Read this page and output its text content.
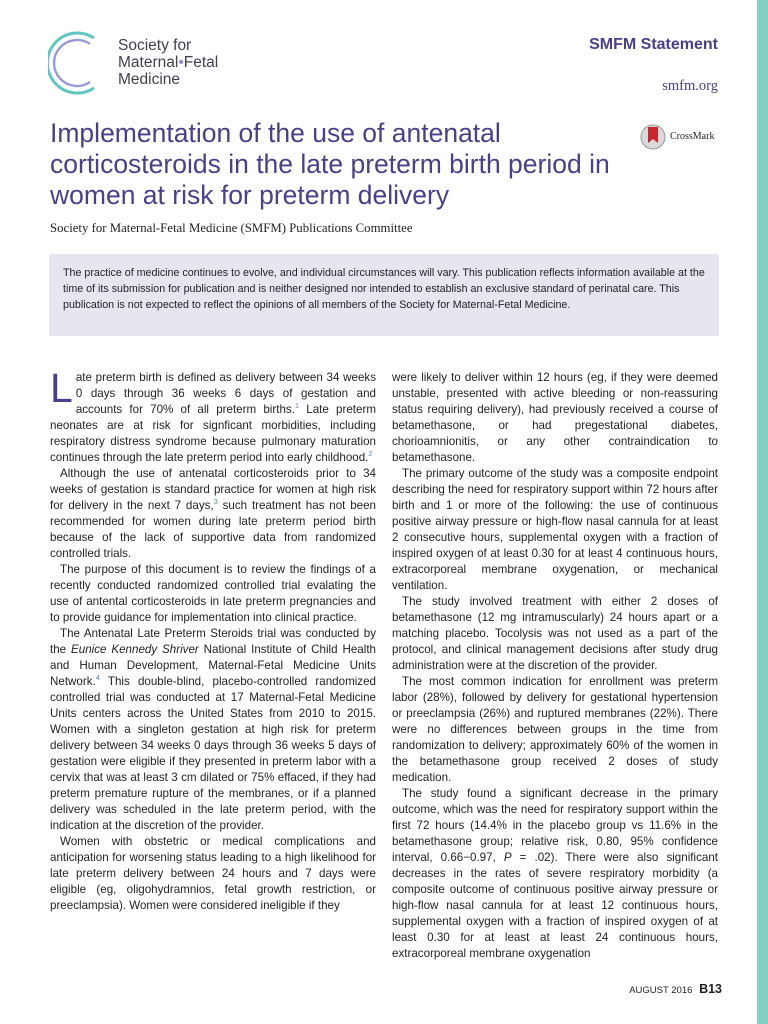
Society for
Maternal•Fetal
Medicine
SMFM Statement
smfm.org
Implementation of the use of antenatal corticosteroids in the late preterm birth period in women at risk for preterm delivery
CrossMark
Society for Maternal-Fetal Medicine (SMFM) Publications Committee

The practice of medicine continues to evolve, and individual circumstances will vary. This publication reflects information available at the time of its submission for publication and is neither designed nor intended to establish an exclusive standard of perinatal care. This publication is not expected to reflect the opinions of all members of the Society for Maternal-Fetal Medicine.

Late preterm birth is defined as delivery between 34 weeks 0 days through 36 weeks 6 days of gestation and accounts for 70% of all preterm births.$^1$ Late preterm neonates are at risk for signficant morbidities, including respiratory distress syndrome because pulmonary maturation continues through the late preterm period into early childhood.$^2$

Although the use of antenatal corticosteroids prior to 34 weeks of gestation is standard practice for women at high risk for delivery in the next 7 days,$^3$ such treatment has not been recommended for women during late preterm period birth because of the lack of supportive data from randomized controlled trials.

The purpose of this document is to review the findings of a recently conducted randomized controlled trial evalating the use of antental corticosteroids in late preterm pregnancies and to provide guidance for implementation into clinical practice.

The Antenatal Late Preterm Steroids trial was conducted by the Eunice Kennedy Shriver National Institute of Child Health and Human Development, Maternal-Fetal Medicine Units Network.$^4$ This double-blind, placebo-controlled randomized controlled trial was conducted at 17 Maternal-Fetal Medicine Units centers across the United States from 2010 to 2015. Women with a singleton gestation at high risk for preterm delivery between 34 weeks 0 days through 36 weeks 5 days of gestation were eligible if they presented in preterm labor with a cervix that was at least 3 cm dilated or 75% effaced, if they had preterm premature rupture of the membranes, or if a planned delivery was scheduled in the late preterm period, with the indication at the discretion of the provider.

Women with obstetric or medical complications and anticipation for worsening status leading to a high likelihood for late preterm delivery between 24 hours and 7 days were eligible (eg, oligohydramnios, fetal growth restriction, or preeclampsia). Women were considered ineligible if they

were likely to deliver within 12 hours (eg, if they were deemed unstable, presented with active bleeding or non-reassuring status requiring delivery), had previously received a course of betamethasone, or had pregestational diabetes, chorioamnionitis, or any other contraindication to betamethasone.

The primary outcome of the study was a composite endpoint describing the need for respiratory support within 72 hours after birth and 1 or more of the following: the use of continuous positive airway pressure or high-flow nasal cannula for at least 2 consecutive hours, supplemental oxygen with a fraction of inspired oxygen of at least 0.30 for at least 4 continuous hours, extracorporeal membrane oxygenation, or mechanical ventilation.

The study involved treatment with either 2 doses of betamethasone (12 mg intramuscularly) 24 hours apart or a matching placebo. Tocolysis was not used as a part of the protocol, and clinical management decisions after study drug administration were at the discretion of the provider.

The most common indication for enrollment was preterm labor (28%), followed by delivery for gestational hypertension or preeclampsia (26%) and ruptured membranes (22%). There were no differences between groups in the time from randomization to delivery; approximately 60% of the women in the betamethasone group received 2 doses of study medication.

The study found a significant decrease in the primary outcome, which was the need for respiratory support within the first 72 hours (14.4% in the placebo group vs 11.6% in the betamethasone group; relative risk, 0.80, 95% confidence interval, 0.66−0.97, P = .02). There were also significant decreases in the rates of severe respiratory morbidity (a composite outcome of continuous positive airway pressure or high-flow nasal cannula for at least 12 continuous hours, supplemental oxygen with a fraction of inspired oxygen of at least 0.30 for at least at least 24 continuous hours, extracorporeal membrane oxygenation

AUGUST 2016 B13
